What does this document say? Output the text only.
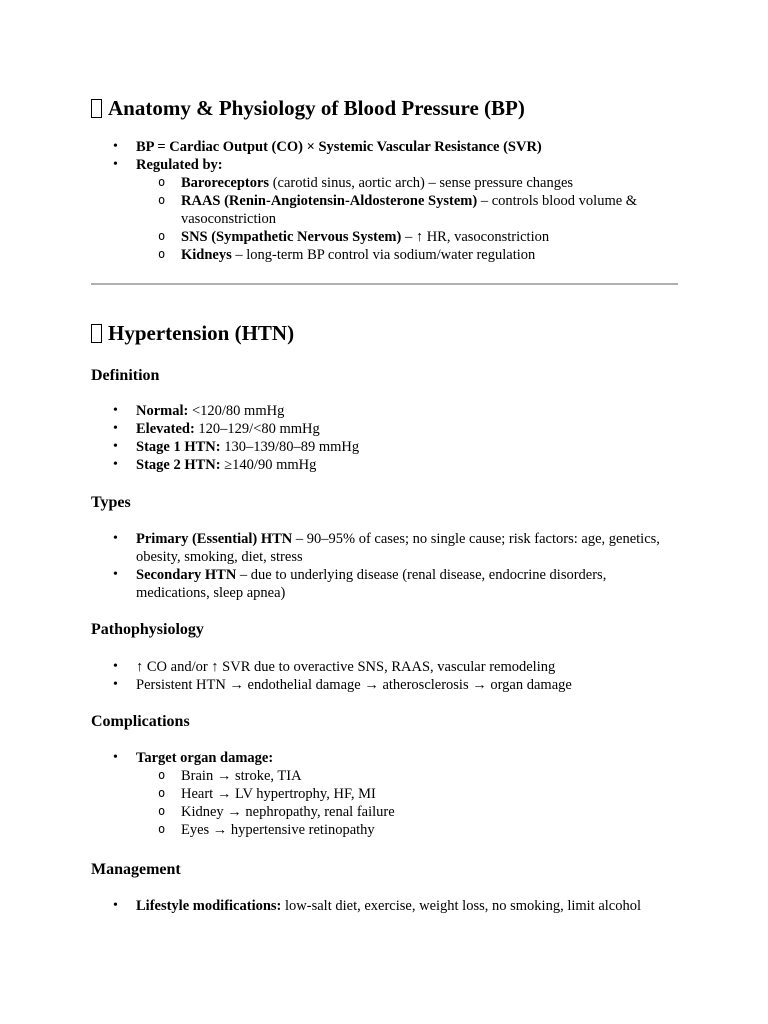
Anatomy & Physiology of Blood Pressure (BP)
• BP = Cardiac Output (CO) × Systemic Vascular Resistance (SVR)
• Regulated by:
o Baroreceptors (carotid sinus, aortic arch) – sense pressure changes
o RAAS (Renin-Angiotensin-Aldosterone System) – controls blood volume & vasoconstriction
o SNS (Sympathetic Nervous System) – ↑ HR, vasoconstriction
o Kidneys – long-term BP control via sodium/water regulation
Hypertension (HTN)
Definition
• Normal: <120/80 mmHg
• Elevated: 120–129/<80 mmHg
• Stage 1 HTN: 130–139/80–89 mmHg
• Stage 2 HTN: ≥140/90 mmHg
Types
• Primary (Essential) HTN – 90–95% of cases; no single cause; risk factors: age, genetics, obesity, smoking, diet, stress
• Secondary HTN – due to underlying disease (renal disease, endocrine disorders, medications, sleep apnea)
Pathophysiology
• ↑ CO and/or ↑ SVR due to overactive SNS, RAAS, vascular remodeling
• Persistent HTN → endothelial damage → atherosclerosis → organ damage
Complications
• Target organ damage:
o Brain → stroke, TIA
o Heart → LV hypertrophy, HF, MI
o Kidney → nephropathy, renal failure
o Eyes → hypertensive retinopathy
Management
• Lifestyle modifications: low-salt diet, exercise, weight loss, no smoking, limit alcohol
